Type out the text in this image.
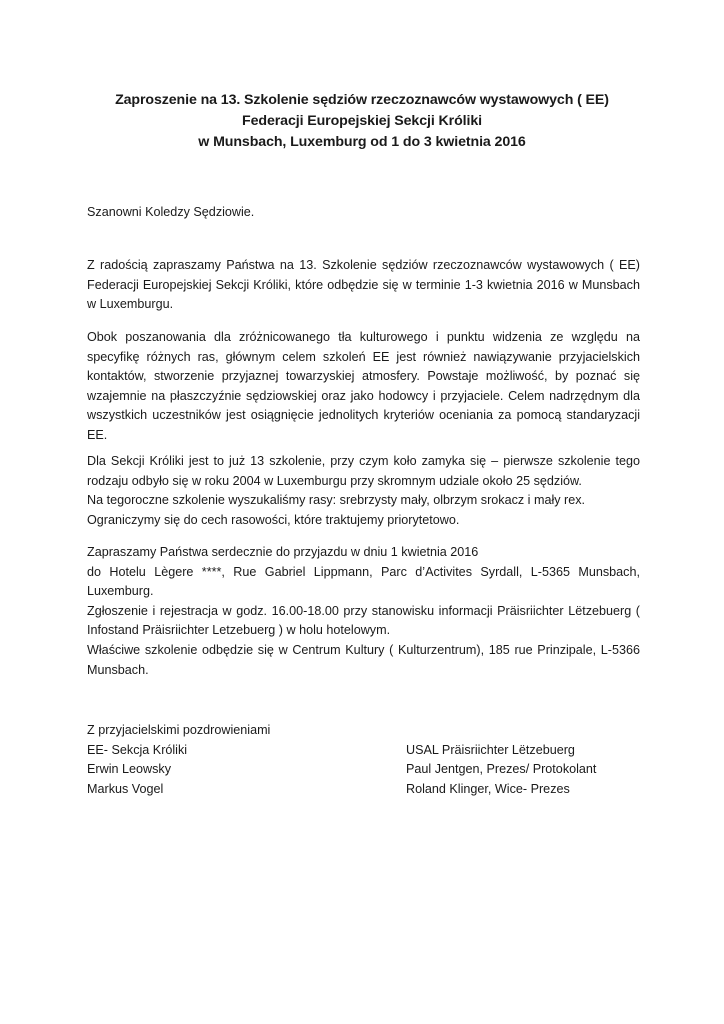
Zaproszenie na 13. Szkolenie sędziów rzeczoznawców wystawowych ( EE)
Federacji Europejskiej Sekcji Króliki
w Munsbach, Luxemburg od 1 do 3 kwietnia 2016

Szanowni Koledzy Sędziowie.

Z radością zapraszamy Państwa na 13. Szkolenie sędziów rzeczoznawców wystawowych ( EE) Federacji Europejskiej Sekcji Króliki, które odbędzie się w terminie 1-3 kwietnia 2016 w Munsbach w Luxemburgu.

Obok poszanowania dla zróżnicowanego tła kulturowego i punktu widzenia ze względu na specyfikę różnych ras, głównym celem szkoleń EE jest również nawiązywanie przyjacielskich kontaktów, stworzenie przyjaznej towarzyskiej atmosfery. Powstaje możliwość, by poznać się wzajemnie na płaszczyźnie sędziowskiej oraz jako hodowcy i przyjaciele. Celem nadrzędnym dla wszystkich uczestników jest osiągnięcie jednolitych kryteriów oceniania za pomocą standaryzacji EE.

Dla Sekcji Króliki jest to już 13 szkolenie, przy czym koło zamyka się – pierwsze szkolenie tego rodzaju odbyło się w roku 2004 w Luxemburgu przy skromnym udziale około 25 sędziów.

Na tegoroczne szkolenie wyszukaliśmy rasy: srebrzysty mały, olbrzym srokacz i mały rex.

Ograniczymy się do cech rasowości, które traktujemy priorytetowo.

Zapraszamy Państwa serdecznie do przyjazdu w dniu 1 kwietnia 2016

do Hotelu Lègere ****, Rue Gabriel Lippmann, Parc d’Activites Syrdall, L-5365 Munsbach, Luxemburg.

Zgłoszenie i rejestracja w godz. 16.00-18.00 przy stanowisku informacji Präisriichter Lëtzebuerg ( Infostand Präisriichter Letzebuerg ) w holu hotelowym.

Właściwe szkolenie odbędzie się w Centrum Kultury ( Kulturzentrum), 185 rue Prinzipale, L-5366 Munsbach.

Z przyjacielskimi pozdrowieniami
EE- Sekcja Króliki	USAL Präisriichter Lëtzebuerg
Erwin Leowsky	Paul Jentgen, Prezes/ Protokolant
Markus Vogel	Roland Klinger, Wice- Prezes
